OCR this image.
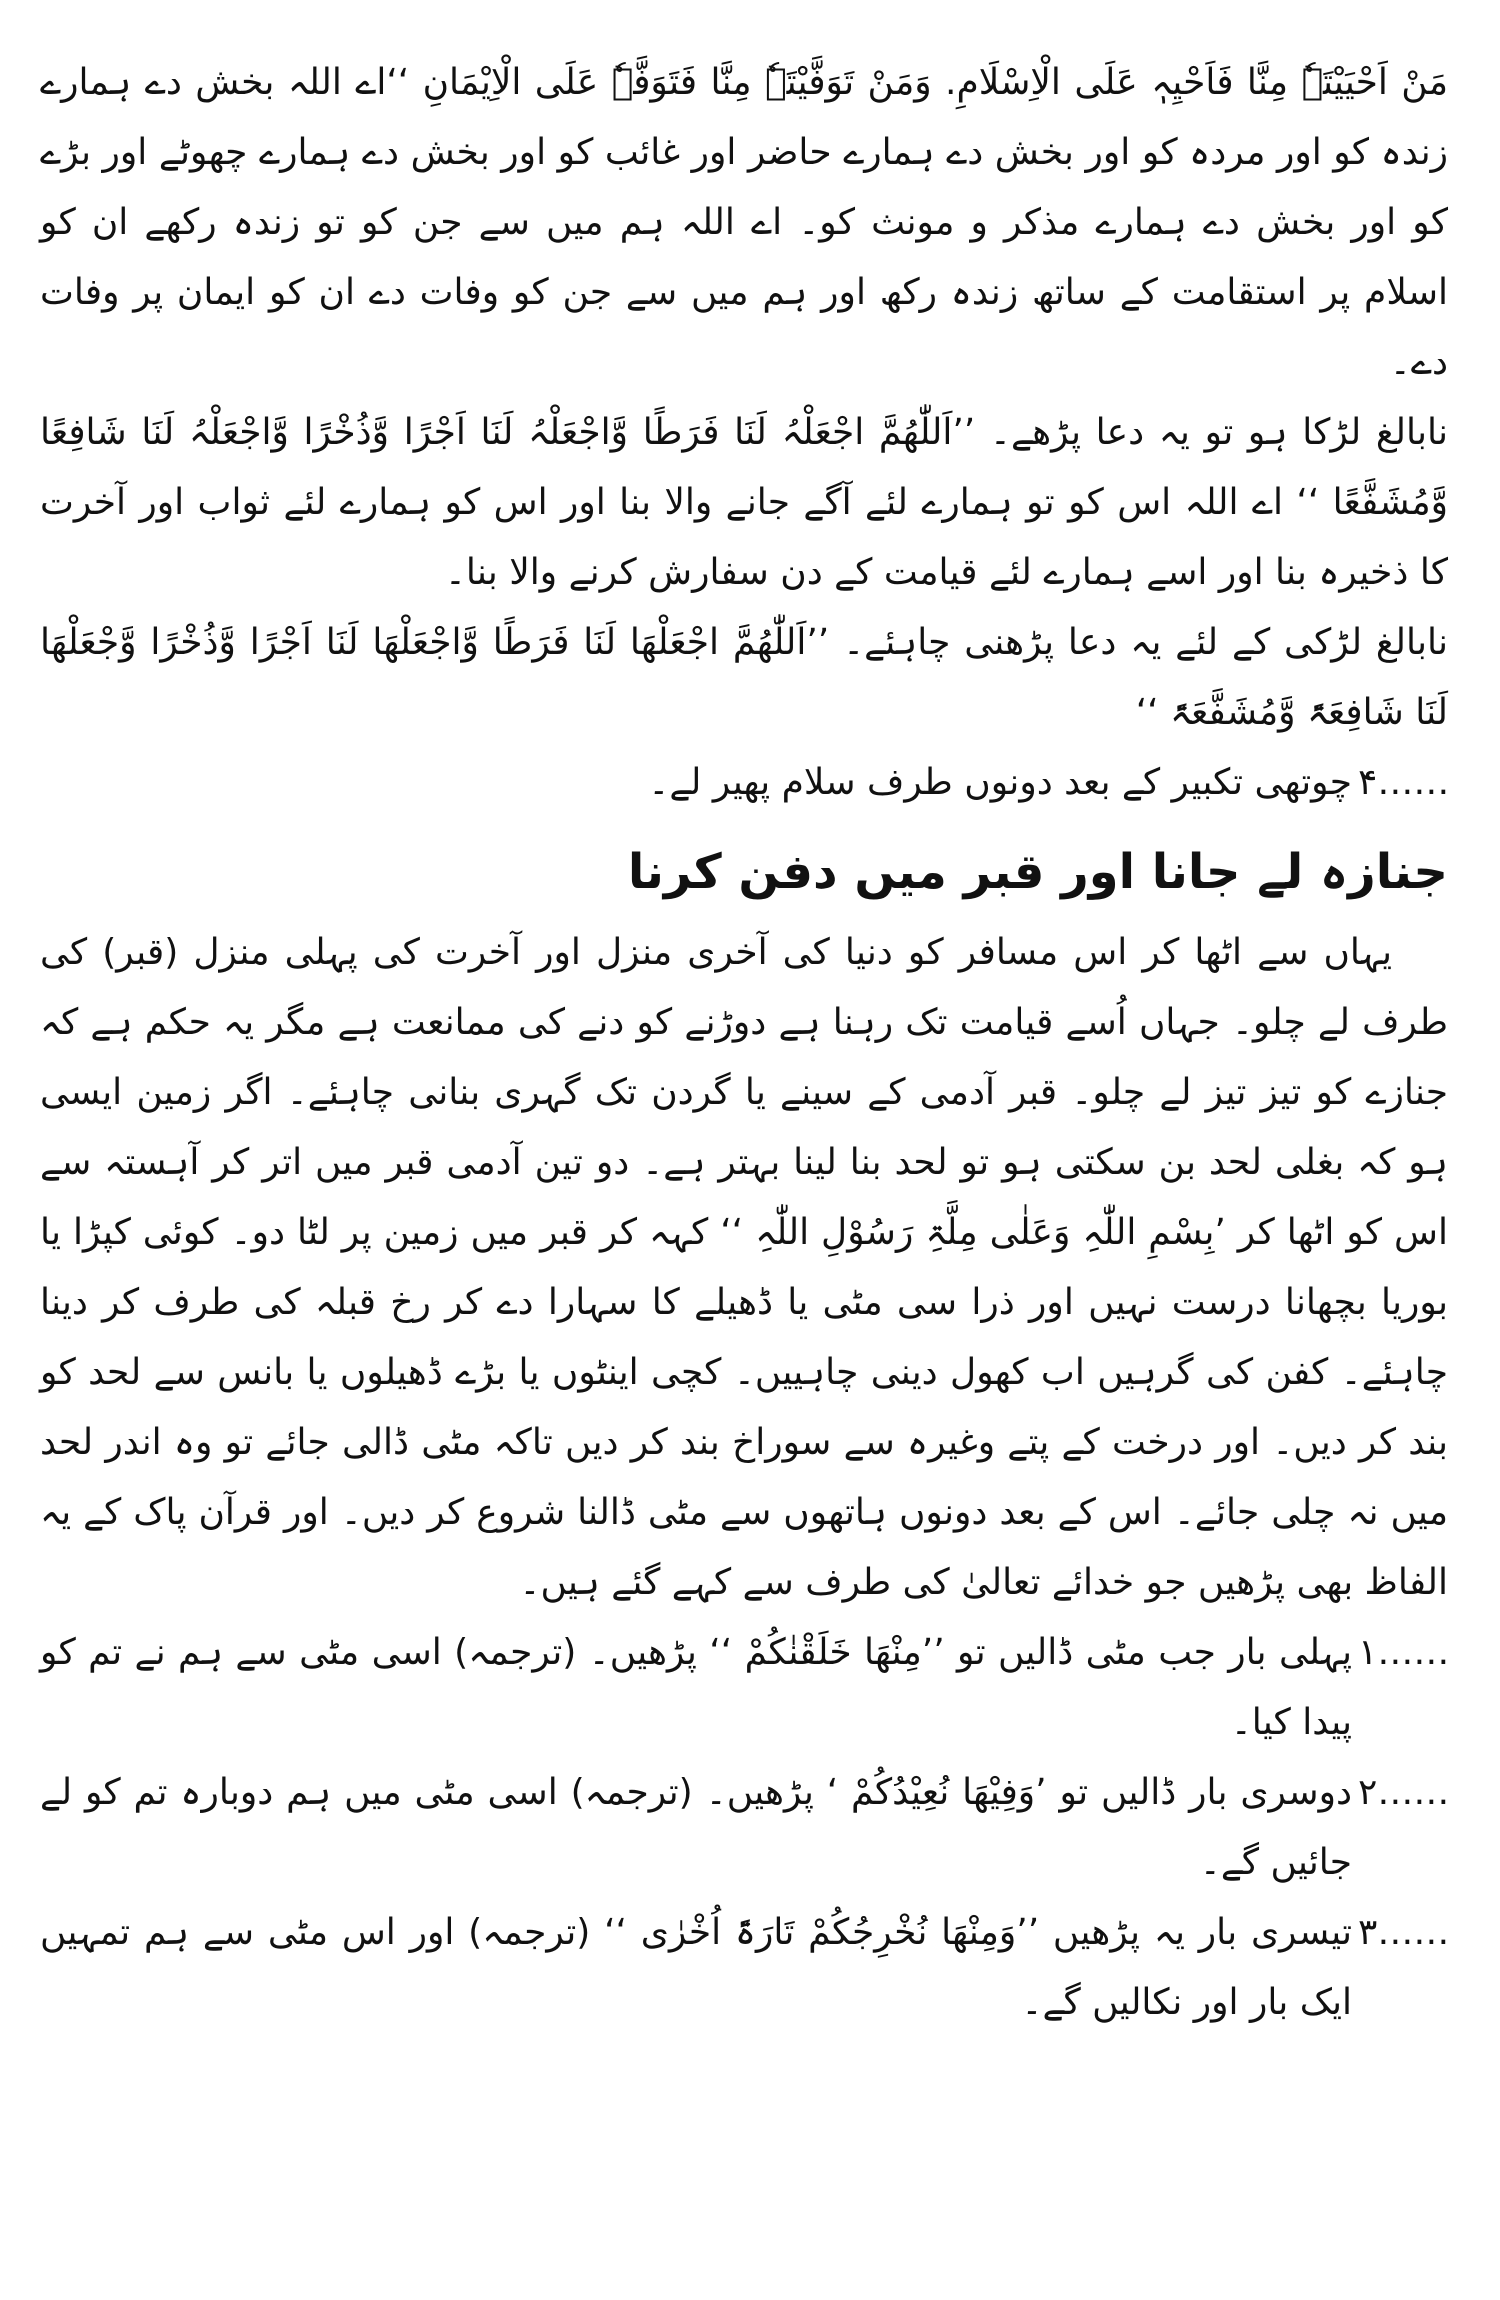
مَنْ اَحْیَیْتَہٗ مِنَّا فَاَحْیِہٖ عَلَی الْاِسْلَامِ. وَمَنْ تَوَفَّیْتَہٗ مِنَّا فَتَوَفَّہٗ عَلَی الْاِیْمَانِ ‘‘اے اللہ بخش دے ہمارے زندہ کو اور مردہ کو اور بخش دے ہمارے حاضر اور غائب کو اور بخش دے ہمارے چھوٹے اور بڑے کو اور بخش دے ہمارے مذکر و مونث کو۔ اے اللہ ہم میں سے جن کو تو زندہ رکھے ان کو اسلام پر استقامت کے ساتھ زندہ رکھ اور ہم میں سے جن کو وفات دے ان کو ایمان پر وفات دے۔

نابالغ لڑکا ہو تو یہ دعا پڑھے۔ ’’اَللّٰھُمَّ اجْعَلْہُ لَنَا فَرَطًا وَّاجْعَلْہُ لَنَا اَجْرًا وَّذُخْرًا وَّاجْعَلْہُ لَنَا شَافِعًا وَّمُشَفَّعًا ‘‘ اے اللہ اس کو تو ہمارے لئے آگے جانے والا بنا اور اس کو ہمارے لئے ثواب اور آخرت کا ذخیرہ بنا اور اسے ہمارے لئے قیامت کے دن سفارش کرنے والا بنا۔

نابالغ لڑکی کے لئے یہ دعا پڑھنی چاہئے۔ ’’اَللّٰھُمَّ اجْعَلْھَا لَنَا فَرَطًا وَّاجْعَلْھَا لَنَا اَجْرًا وَّذُخْرًا وَّجْعَلْھَا لَنَا شَافِعَۃً وَّمُشَفَّعَۃً ‘‘

۴……
چوتھی تکبیر کے بعد دونوں طرف سلام پھیر لے۔
جنازہ لے جانا اور قبر میں دفن کرنا

یہاں سے اٹھا کر اس مسافر کو دنیا کی آخری منزل اور آخرت کی پہلی منزل (قبر) کی طرف لے چلو۔ جہاں اُسے قیامت تک رہنا ہے دوڑنے کو دنے کی ممانعت ہے مگر یہ حکم ہے کہ جنازے کو تیز تیز لے چلو۔ قبر آدمی کے سینے یا گردن تک گہری بنانی چاہئے۔ اگر زمین ایسی ہو کہ بغلی لحد بن سکتی ہو تو لحد بنا لینا بہتر ہے۔ دو تین آدمی قبر میں اتر کر آہستہ سے اس کو اٹھا کر ’بِسْمِ اللّٰہِ وَعَلٰی مِلَّۃِ رَسُوْلِ اللّٰہِ ‘‘ کہہ کر قبر میں زمین پر لٹا دو۔ کوئی کپڑا یا بوریا بچھانا درست نہیں اور ذرا سی مٹی یا ڈھیلے کا سہارا دے کر رخ قبلہ کی طرف کر دینا چاہئے۔ کفن کی گرہیں اب کھول دینی چاہییں۔ کچی اینٹوں یا بڑے ڈھیلوں یا بانس سے لحد کو بند کر دیں۔ اور درخت کے پتے وغیرہ سے سوراخ بند کر دیں تاکہ مٹی ڈالی جائے تو وہ اندر لحد میں نہ چلی جائے۔ اس کے بعد دونوں ہاتھوں سے مٹی ڈالنا شروع کر دیں۔ اور قرآن پاک کے یہ الفاظ بھی پڑھیں جو خدائے تعالیٰ کی طرف سے کہے گئے ہیں۔

۱……
پہلی بار جب مٹی ڈالیں تو ’’مِنْھَا خَلَقْنٰکُمْ ‘‘ پڑھیں۔ (ترجمہ) اسی مٹی سے ہم نے تم کو پیدا کیا۔
۲……
دوسری بار ڈالیں تو ’وَفِیْھَا نُعِیْدُکُمْ ‘ پڑھیں۔ (ترجمہ) اسی مٹی میں ہم دوبارہ تم کو لے جائیں گے۔
۳……
تیسری بار یہ پڑھیں ’’وَمِنْھَا نُخْرِجُکُمْ تَارَۃً اُخْرٰی ‘‘ (ترجمہ) اور اس مٹی سے ہم تمہیں ایک بار اور نکالیں گے۔
